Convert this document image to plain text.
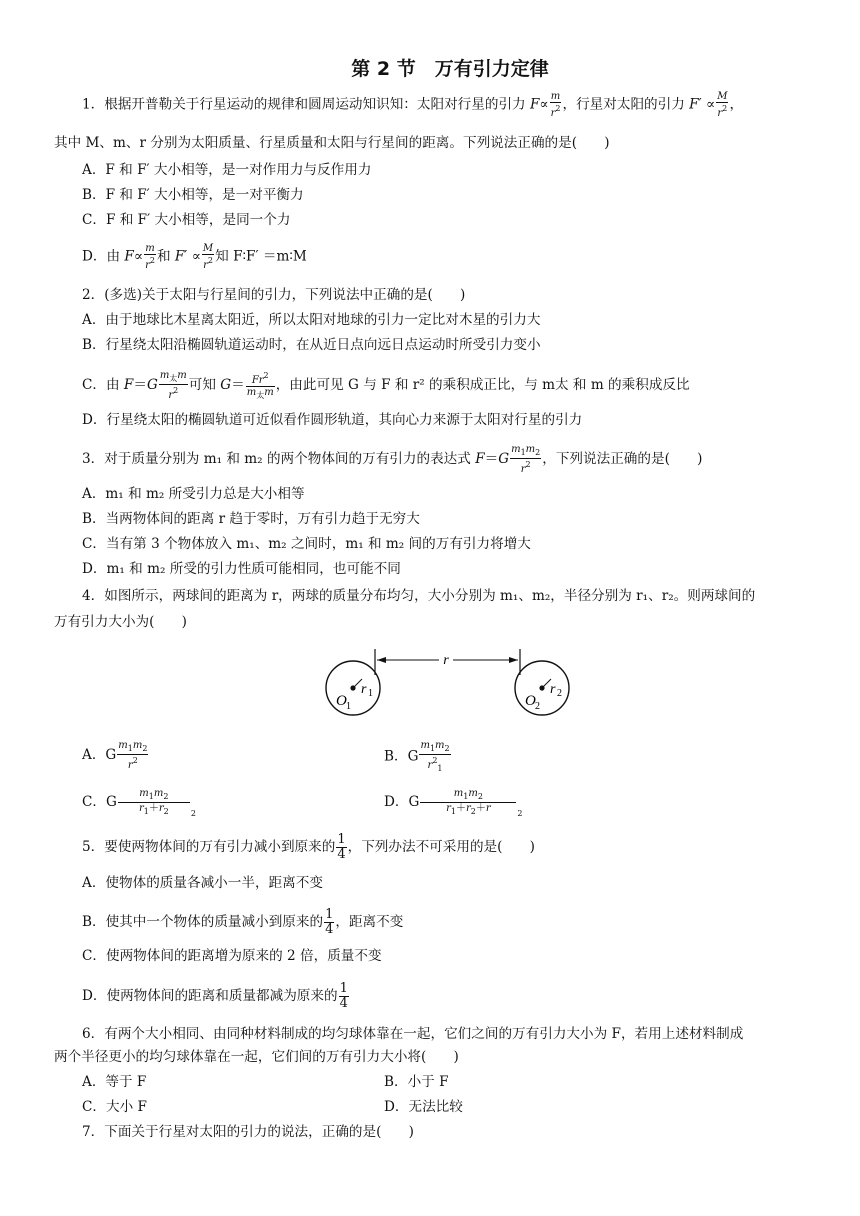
第 2 节　万有引力定律
1．根据开普勒关于行星运动的规律和圆周运动知识知：太阳对行星的引力 $F\propto \frac{m}{r^2}$ ，行星对太阳的引力 $F' \propto \frac{M}{r^2}$ ，
其中 M、m、r 分别为太阳质量、行星质量和太阳与行星间的距离。下列说法正确的是(　　)
A．F 和 F′ 大小相等，是一对作用力与反作用力
B．F 和 F′ 大小相等，是一对平衡力
C．F 和 F′ 大小相等，是同一个力
D．由 $F\propto \frac{m}{r^2}$ 和 $F' \propto \frac{M}{r^2}$ 知 F∶F′ ＝m∶M
2．(多选)关于太阳与行星间的引力，下列说法中正确的是(　　)
A．由于地球比木星离太阳近，所以太阳对地球的引力一定比对木星的引力大
B．行星绕太阳沿椭圆轨道运动时，在从近日点向远日点运动时所受引力变小
C．由 F＝G
$m_太m$
$r^2$ 可知 $G= Fr^2$
$m_太m$ ，由此可见 G 与 F 和 r² 的乘积成正比，与 m太 和 m 的乘积成反比
D．行星绕太阳的椭圆轨道可近似看作圆形轨道，其向心力来源于太阳对行星的引力
3．对于质量分别为 m₁ 和 m₂ 的两个物体间的万有引力的表达式 $F=G \frac{m_1m_2}{r^2}$ ，下列说法正确的是(　　)
A．m₁ 和 m₂ 所受引力总是大小相等
B．当两物体间的距离 r 趋于零时，万有引力趋于无穷大
C．当有第 3 个物体放入 m₁、m₂ 之间时，m₁ 和 m₂ 间的万有引力将增大
D．m₁ 和 m₂ 所受的引力性质可能相同，也可能不同
4．如图所示，两球间的距离为 r，两球的质量分布均匀，大小分别为 m₁、m₂，半径分别为 r₁、r₂。则两球间的
万有引力大小为(　　)
r
O 1
r 1	O 2
r 2
A．G $\frac{m_1m_2}{r^2}$	B．G $\frac{m_1m_2}{r^2_1}$
C．G $\frac{m_1m_2}{r_1+r_2} _2$
D．G $\frac{m_1m_2}{r_1+r_2+r} _2$
5．要使两物体间的万有引力减小到原来的 $\frac{1}{4}$ ，下列办法不可采用的是(　　)
A．使物体的质量各减小一半，距离不变
B．使其中一个物体的质量减小到原来的 $\frac{1}{4}$ ，距离不变
C．使两物体间的距离增为原来的 2 倍，质量不变
D．使两物体间的距离和质量都减为原来的 $\frac{1}{4}$
6．有两个大小相同、由同种材料制成的均匀球体靠在一起，它们之间的万有引力大小为 F，若用上述材料制成
两个半径更小的均匀球体靠在一起，它们间的万有引力大小将(　　)
A．等于 F	B．小于 F
C．大小 F	D．无法比较
7．下面关于行星对太阳的引力的说法，正确的是(　　)
